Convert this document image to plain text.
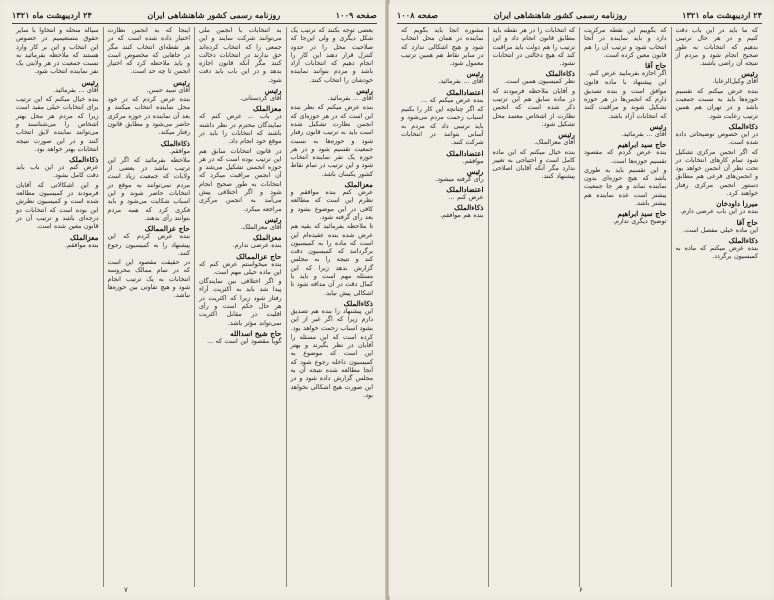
صفحه ۱۰۰۹
روزنامه رسمی کشور شاهنشاهی ایران
۲۴ اردیبهشت ماه ۱۳۲۱
بعضی توجه بکنند که ترتیب یک شکل دیگری و ولی این‌جا که صلاحیت محل را در حدود کنترل قرار دهند این کار را انجام دهیم که انتخابات آزاد باشد و مردم بتوانند نماینده خودشان را انتخاب کنند.
رئیس
آقای ... بفرمائید.
بنده عرض میکنم که نظر بنده این است که در هر حوزه‌ای که انجمن نظارت تشکیل شده است باید به ترتیب قانون رفتار شود و حوزه‌ها به نسبت جمعیت تقسیم شود و در هر حوزه یک نفر نماینده انتخاب شود و این ترتیب در تمام نقاط کشور یکسان باشد.
معزالملک
عرض کنم بنده موافقم و نظرم این است که مطالعه کافی در این موضوع بشود و بعد رأی گرفته شود.
تا ملاحظه بفرمائید که بقیه هم عرض شده بنده عقیده‌ام این است که ماده را به کمیسیون برگردانند که کمیسیون دقت کند و نتیجه را به مجلس گزارش بدهد زیرا که این مسئله مهم است و باید با کمال دقت در آن مداقه شود تا اشکالی پیش نیاید.
ذکاءالملک
این پیشنهاد را بنده هم تصدیق دارم زیرا که اگر غیر از این بشود اسباب زحمت خواهد بود.
کرده است که این مسئله را آقایان در نظر بگیرند و بهتر این است که موضوع به کمیسیون داخله رجوع شود که آنجا مطالعه شده نتیجه آن به مجلس گزارش داده شود و در این صورت هیچ اشکالی نخواهد بود.
به انتخابات با انجمن ملی می‌توانند شرکت نمایند و این جمعی را که انتخاب کرده‌اند حق ندارند در انتخابات دخالت کنند مگر آنکه قانون اجازه بدهد و در این باب باید دقت شود.
رئیس
آقای کردستانی.
معزالملک
در باب ... عرض کنم که نمایندگان محترم در نظر داشته باشند که انتخابات را باید در موقع خود انجام داد.
در قانون انتخابات سابق هم این ترتیب بوده است که در هر حوزه انجمنی تشکیل می‌شد و آن انجمن مراقبت میکرد که انتخابات به طور صحیح انجام شود و اگر اختلافی پیش می‌آمد به انجمن مرکزی مراجعه میکرد.
رئیس
آقای معزالملک.
معزالملک
بنده عرضی ندارم.
حاج عزالممالک
بنده میخواستم عرض کنم که این ماده خیلی مهم است.
و اگر اختلافی بین نمایندگان پیدا شد باید به اکثریت آراء رفتار شود زیرا که اکثریت در هر حال حکم است و رأی اقلیت در مقابل اکثریت نمی‌تواند مؤثر باشد.
حاج شیخ اسدالله
گویا مقصود این است که ...
اینجا که به انجمن نظارت اختیار داده شده است که در هر نقطه‌ای انتخاب کنند مگر در جاهایی که مخصوص است و باید ملاحظه کرد که اختیار انجمن تا چه حد است.
رئیس
آقای سید حسن.
بنده عرض کردم که در خود محل نماینده انتخاب میکنند و بعد آن نماینده در حوزه مرکزی حاضر می‌شود و مطابق قانون رفتار میکند.
ذکاءالملک
موافقم.
ملاحظه بفرمائید که اگر این ترتیب نباشد در بعضی از ولایات که جمعیت زیاد است مردم نمی‌توانند به موقع در انتخابات حاضر شوند و این اسباب شکایت می‌شود و باید فکری کرد که همه مردم بتوانند رأی بدهند.
حاج عزالممالک
بنده عرض کردم که این پیشنهاد را به کمیسیون رجوع کنند.
در حقیقت مقصود این است که در تمام ممالک محروسه انتخابات به یک ترتیب انجام شود و هیچ تفاوتی بین حوزه‌ها نباشد.
سیاله منحله و انتخاوا با سایر حقوق متمتعیمیم در خصوص این انتخاب و این بر کار وارد هستند که ملاحظه بفرمائید به نسبت جمعیت در هر ولایتی یک نفر نماینده انتخاب شود.
رئیس
آقای ... بفرمائید.
بنده خیال میکنم که این ترتیب برای انتخابات خیلی مفید است زیرا که مردم هر محل بهتر اشخاص را می‌شناسند و می‌توانند نماینده لایق انتخاب کنند و در این صورت نتیجه انتخابات بهتر خواهد بود.
ذکاءالملک
عرض کنم در این باب باید دقت کامل بشود.
و این اشکالاتی که آقایان فرمودند در کمیسیون مطالعه شده است و کمیسیون نظرش این بوده است که انتخابات دو درجه‌ای باشد و ترتیب آن در قانون معین شده است.
معزالملک
بنده موافقم.
۷
۲۴ اردیبهشت ماه ۱۳۲۱
روزنامه رسمی کشور شاهنشاهی ایران
صفحه ۱۰۰۸
که ما باید در این باب دقت کنیم و در هر حال ترتیبی بدهیم که انتخابات به طور صحیح انجام شود و مردم از نتیجه آن راضی باشند.
رئیس
آقای وکیل‌الرعایا.
بنده عرض میکنم که تقسیم حوزه‌ها باید به نسبت جمعیت باشد و در تهران هم همین ترتیب رعایت شود.
ذکاءالملک
در این خصوص توضیحاتی داده شده است.
که اگر انجمن مرکزی تشکیل شود تمام کارهای انتخابات در تحت نظر آن انجمن خواهد بود و انجمن‌های فرعی هم مطابق دستور انجمن مرکزی رفتار خواهند کرد.
میرزا داودخان
بنده در این باب عرضی دارم.
حاج آقا
این ماده خیلی مفصل است.
ذکاءالملک
بنده عرض میکنم که ماده به کمیسیون برگردد.
که بگوییم این نقطه مرکزیت دارد و باید نماینده در آنجا انتخاب شود و ترتیب آن را هم قانون معین کرده است.
حاج آقا
اگر اجازه بفرمایید عرض کنم.
این پیشنهاد با ماده قانون موافق است و بنده تصدیق دارم که انجمن‌ها در هر حوزه تشکیل شوند و مراقبت کنند که انتخابات آزاد باشد.
رئیس
آقای ... بفرمائید.
حاج سید ابراهیم
بنده عرض کردم که مقصود تقسیم حوزه‌ها است.
و این تقسیم باید به طوری باشد که هیچ حوزه‌ای بدون نماینده نماند و هر جا جمعیت بیشتر است عده نماینده هم بیشتر باشد.
حاج سید ابراهیم
توضیح دیگری ندارم.
که انتخابات را در هر نقطه باید مطابق قانون انجام داد و این ترتیب را هم دولت باید مراقبت کند که هیچ دخالتی در انتخابات نشود.
ذکاءالملک
نظر کمیسیون همین است.
و آقایان ملاحظه فرمودند که در ماده سابق هم این ترتیب ذکر شده است که انجمن نظارت از اشخاص معتمد محل تشکیل شود.
رئیس
آقای معزالملک.
بنده خیال میکنم که این ماده کامل است و احتیاجی به تغییر ندارد مگر آنکه آقایان اصلاحی پیشنهاد کنند.
مشوره آنجا باید بگویم که نماینده در همان محل انتخاب شود و هیچ اشکالی ندارد که در سایر نقاط هم همین ترتیب معمول شود.
رئیس
آقای ... بفرمائید.
اعتضادالملک
بنده عرض میکنم که ...
که اگر چنانچه این کار را بکنیم اسباب زحمت مردم می‌شود و باید ترتیبی داد که مردم به آسانی بتوانند در انتخابات شرکت کنند.
اعتضادالملک
موافقم.
رئیس
رأی گرفته میشود.
اعتضادالملک
عرض کنم ...
ذکاءالملک
بنده هم موافقم.
۶
